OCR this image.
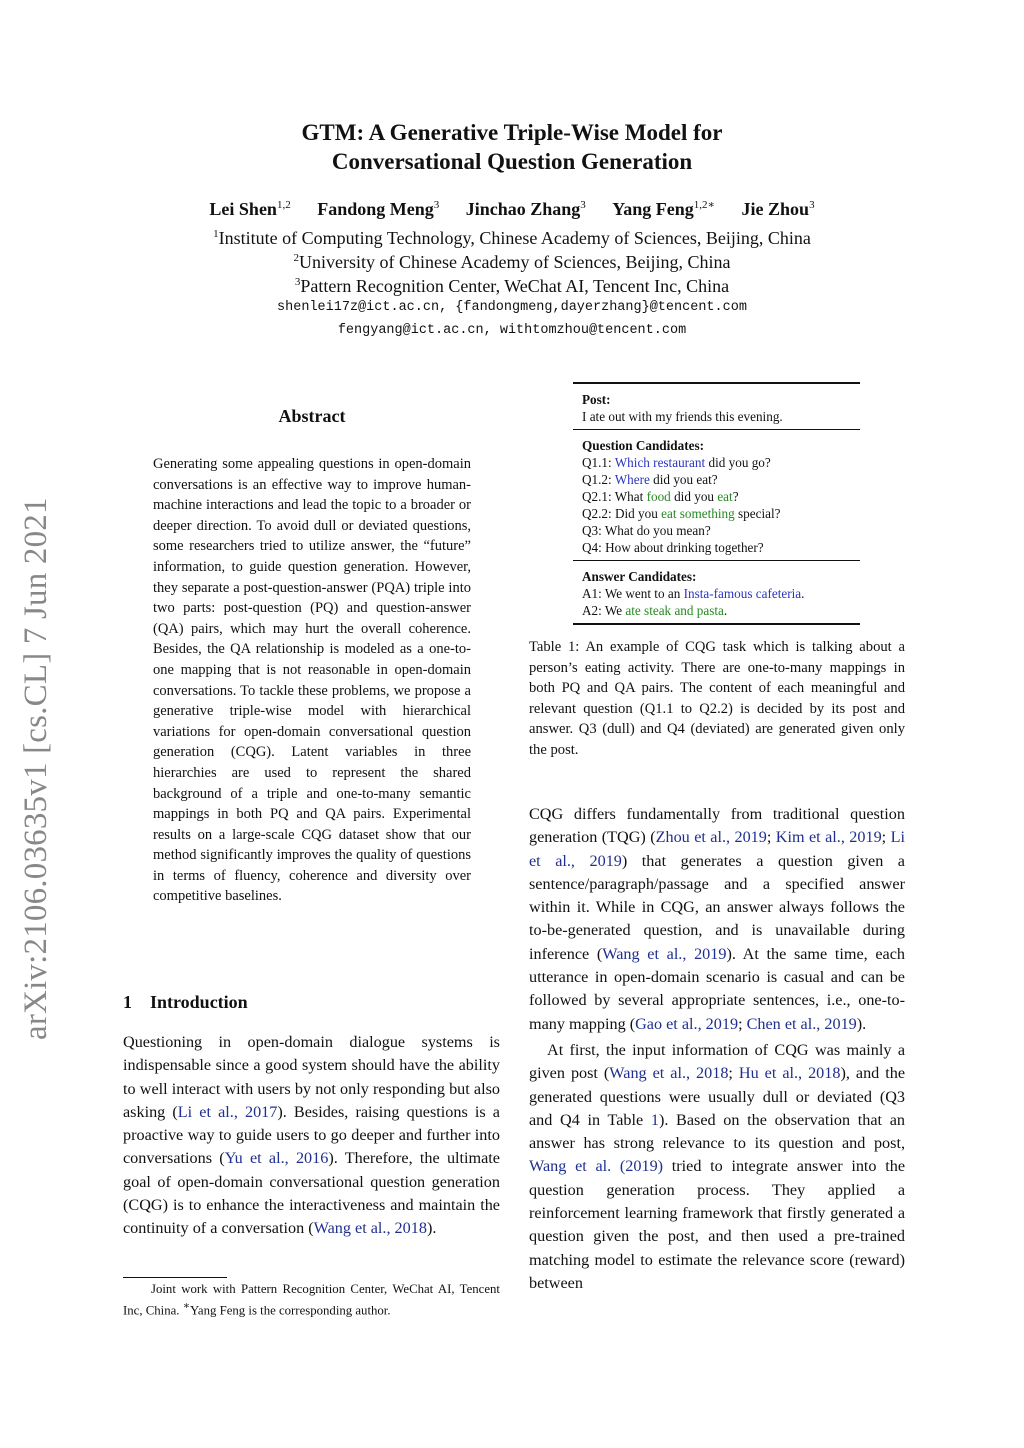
GTM: A Generative Triple-Wise Model for
Conversational Question Generation
Lei Shen$^{1,2}$ Fandong Meng$^3$ Jinchao Zhang$^3$ Yang Feng$^{1,2∗}$ Jie Zhou$^3$
$^1$Institute of Computing Technology, Chinese Academy of Sciences, Beijing, China
$^2$University of Chinese Academy of Sciences, Beijing, China
$^3$Pattern Recognition Center, WeChat AI, Tencent Inc, China
shenlei17z@ict.ac.cn, {fandongmeng,dayerzhang}@tencent.com
fengyang@ict.ac.cn, withtomzhou@tencent.com
arXiv:2106.03635v1 [cs.CL] 7 Jun 2021
Abstract
Generating some appealing questions in open-domain conversations is an effective way to improve human-machine interactions and lead the topic to a broader or deeper direction. To avoid dull or deviated questions, some researchers tried to utilize answer, the “future” information, to guide question generation. However, they separate a post-question-answer (PQA) triple into two parts: post-question (PQ) and question-answer (QA) pairs, which may hurt the overall coherence. Besides, the QA relationship is modeled as a one-to-one mapping that is not reasonable in open-domain conversations. To tackle these problems, we propose a generative triple-wise model with hierarchical variations for open-domain conversational question generation (CQG). Latent variables in three hierarchies are used to represent the shared background of a triple and one-to-many semantic mappings in both PQ and QA pairs. Experimental results on a large-scale CQG dataset show that our method significantly improves the quality of questions in terms of fluency, coherence and diversity over competitive baselines.
1 Introduction
Questioning in open-domain dialogue systems is indispensable since a good system should have the ability to well interact with users by not only responding but also asking (Li et al., 2017). Besides, raising questions is a proactive way to guide users to go deeper and further into conversations (Yu et al., 2016). Therefore, the ultimate goal of open-domain conversational question generation (CQG) is to enhance the interactiveness and maintain the continuity of a conversation (Wang et al., 2018).
Joint work with Pattern Recognition Center, WeChat AI, Tencent Inc, China. ∗Yang Feng is the corresponding author.
Post:
I ate out with my friends this evening.
Question Candidates:
Q1.1: Which restaurant did you go?
Q1.2: Where did you eat?
Q2.1: What food did you eat?
Q2.2: Did you eat something special?
Q3: What do you mean?
Q4: How about drinking together?
Answer Candidates:
A1: We went to an Insta-famous cafeteria.
A2: We ate steak and pasta.
Table 1: An example of CQG task which is talking about a person’s eating activity. There are one-to-many mappings in both PQ and QA pairs. The content of each meaningful and relevant question (Q1.1 to Q2.2) is decided by its post and answer. Q3 (dull) and Q4 (deviated) are generated given only the post.

CQG differs fundamentally from traditional question generation (TQG) (Zhou et al., 2019; Kim et al., 2019; Li et al., 2019) that generates a question given a sentence/paragraph/passage and a specified answer within it. While in CQG, an answer always follows the to-be-generated question, and is unavailable during inference (Wang et al., 2019). At the same time, each utterance in open-domain scenario is casual and can be followed by several appropriate sentences, i.e., one-to-many mapping (Gao et al., 2019; Chen et al., 2019).

At first, the input information of CQG was mainly a given post (Wang et al., 2018; Hu et al., 2018), and the generated questions were usually dull or deviated (Q3 and Q4 in Table 1). Based on the observation that an answer has strong relevance to its question and post, Wang et al. (2019) tried to integrate answer into the question generation process. They applied a reinforcement learning framework that firstly generated a question given the post, and then used a pre-trained matching model to estimate the relevance score (reward) between
